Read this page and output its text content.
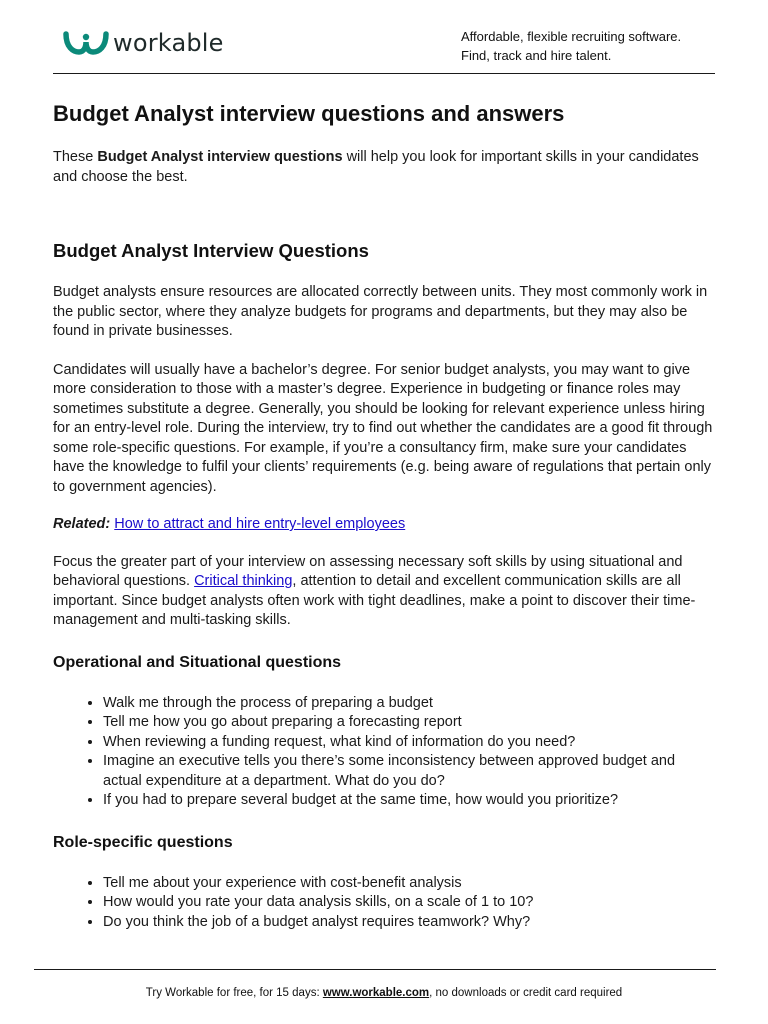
workable	Affordable, flexible recruiting software.
Find, track and hire talent.
Budget Analyst interview questions and answers

These Budget Analyst interview questions will help you look for important skills in your candidates and choose the best.

Budget Analyst Interview Questions

Budget analysts ensure resources are allocated correctly between units. They most commonly work in the public sector, where they analyze budgets for programs and departments, but they may also be found in private businesses.

Candidates will usually have a bachelor’s degree. For senior budget analysts, you may want to give more consideration to those with a master’s degree. Experience in budgeting or finance roles may sometimes substitute a degree. Generally, you should be looking for relevant experience unless hiring for an entry-level role. During the interview, try to find out whether the candidates are a good fit through some role-specific questions. For example, if you’re a consultancy firm, make sure your candidates have the knowledge to fulfil your clients’ requirements (e.g. being aware of regulations that pertain only to government agencies).

Related: How to attract and hire entry-level employees

Focus the greater part of your interview on assessing necessary soft skills by using situational and behavioral questions. Critical thinking, attention to detail and excellent communication skills are all important. Since budget analysts often work with tight deadlines, make a point to discover their time-management and multi-tasking skills.

Operational and Situational questions
• Walk me through the process of preparing a budget
• Tell me how you go about preparing a forecasting report
• When reviewing a funding request, what kind of information do you need?
• Imagine an executive tells you there’s some inconsistency between approved budget and actual expenditure at a department. What do you do?
• If you had to prepare several budget at the same time, how would you prioritize?
Role-specific questions
• Tell me about your experience with cost-benefit analysis
• How would you rate your data analysis skills, on a scale of 1 to 10?
• Do you think the job of a budget analyst requires teamwork? Why?
Try Workable for free, for 15 days: www.workable.com, no downloads or credit card required
